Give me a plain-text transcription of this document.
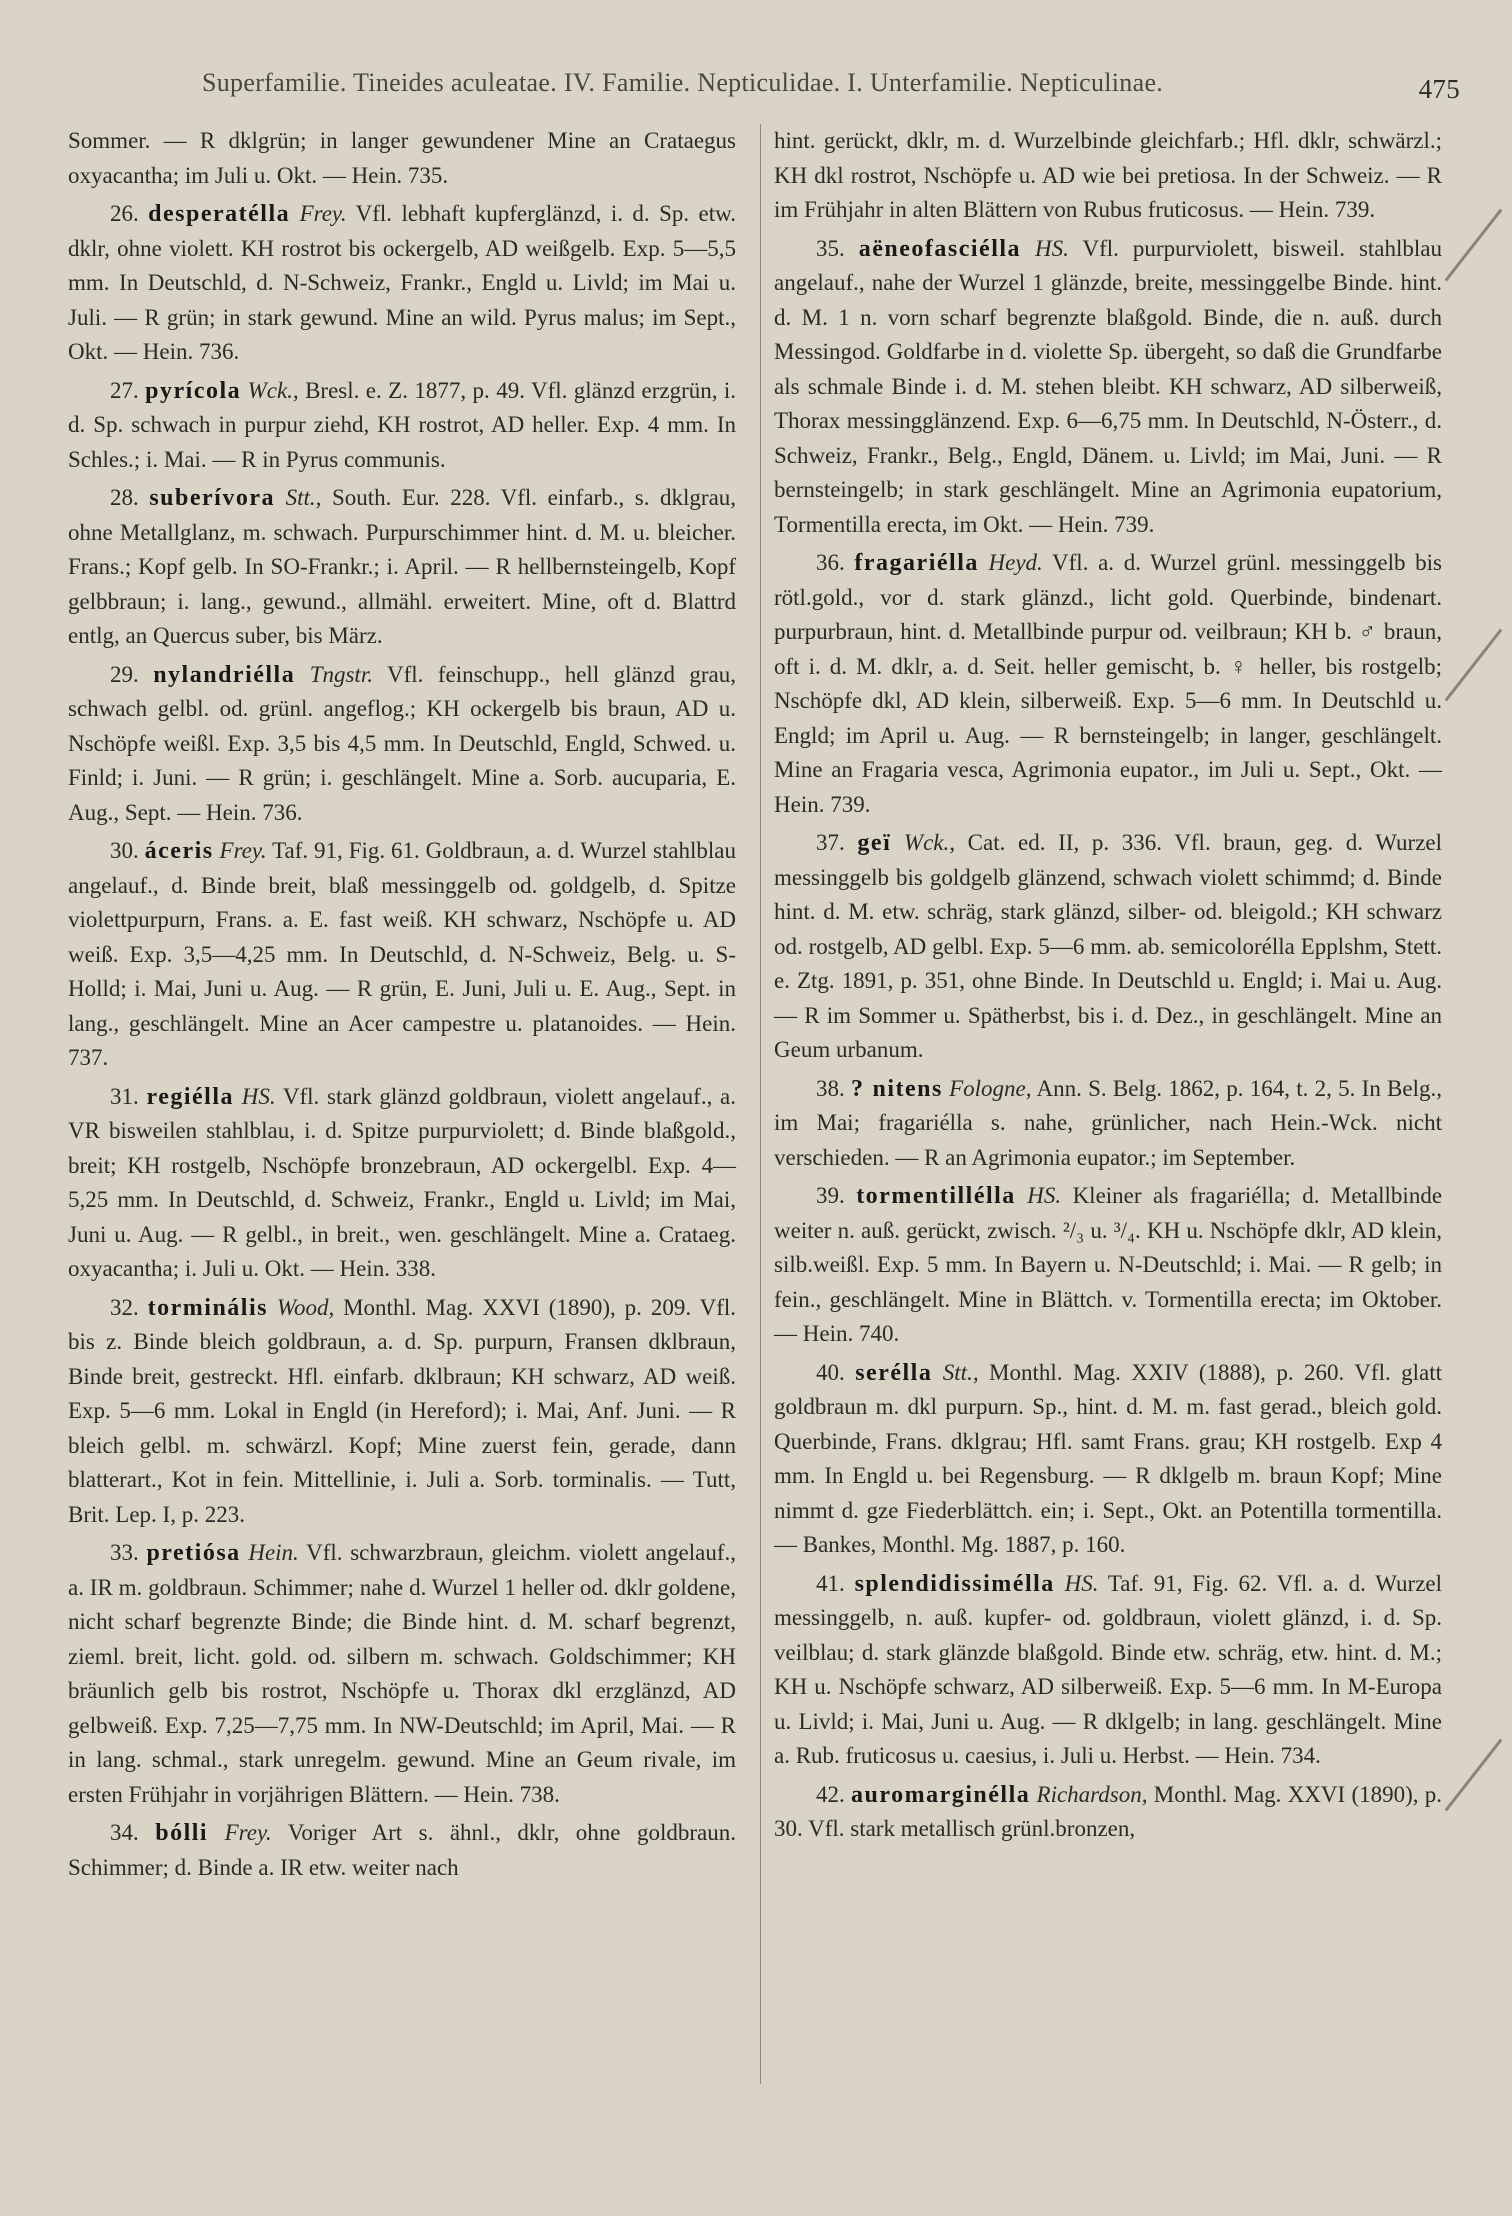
Superfamilie. Tineides aculeatae. IV. Familie. Nepticulidae. I. Unterfamilie. Nepticulinae.	475

Sommer. — R dklgrün; in langer gewundener Mine an Crataegus oxyacantha; im Juli u. Okt. — Hein. 735.

26. desperatélla Frey. Vfl. lebhaft kupferglänzd, i. d. Sp. etw. dklr, ohne violett. KH rostrot bis ockergelb, AD weißgelb. Exp. 5—5,5 mm. In Deutschld, d. N-Schweiz, Frankr., Engld u. Livld; im Mai u. Juli. — R grün; in stark gewund. Mine an wild. Pyrus malus; im Sept., Okt. — Hein. 736.

27. pyrícola Wck., Bresl. e. Z. 1877, p. 49. Vfl. glänzd erzgrün, i. d. Sp. schwach in purpur ziehd, KH rostrot, AD heller. Exp. 4 mm. In Schles.; i. Mai. — R in Pyrus communis.

28. suberívora Stt., South. Eur. 228. Vfl. einfarb., s. dklgrau, ohne Metallglanz, m. schwach. Purpurschimmer hint. d. M. u. bleicher. Frans.; Kopf gelb. In SO-Frankr.; i. April. — R hellbernsteingelb, Kopf gelbbraun; i. lang., gewund., allmähl. erweitert. Mine, oft d. Blattrd entlg, an Quercus suber, bis März.

29. nylandriélla Tngstr. Vfl. feinschupp., hell glänzd grau, schwach gelbl. od. grünl. angeflog.; KH ockergelb bis braun, AD u. Nschöpfe weißl. Exp. 3,5 bis 4,5 mm. In Deutschld, Engld, Schwed. u. Finld; i. Juni. — R grün; i. geschlängelt. Mine a. Sorb. aucuparia, E. Aug., Sept. — Hein. 736.

30. áceris Frey. Taf. 91, Fig. 61. Goldbraun, a. d. Wurzel stahlblau angelauf., d. Binde breit, blaß messinggelb od. goldgelb, d. Spitze violettpurpurn, Frans. a. E. fast weiß. KH schwarz, Nschöpfe u. AD weiß. Exp. 3,5—4,25 mm. In Deutschld, d. N-Schweiz, Belg. u. S-Holld; i. Mai, Juni u. Aug. — R grün, E. Juni, Juli u. E. Aug., Sept. in lang., geschlängelt. Mine an Acer campestre u. platanoides. — Hein. 737.

31. regiélla HS. Vfl. stark glänzd goldbraun, violett angelauf., a. VR bisweilen stahlblau, i. d. Spitze purpurviolett; d. Binde blaßgold., breit; KH rostgelb, Nschöpfe bronzebraun, AD ockergelbl. Exp. 4—5,25 mm. In Deutschld, d. Schweiz, Frankr., Engld u. Livld; im Mai, Juni u. Aug. — R gelbl., in breit., wen. geschlängelt. Mine a. Crataeg. oxyacantha; i. Juli u. Okt. — Hein. 338.

32. torminális Wood, Monthl. Mag. XXVI (1890), p. 209. Vfl. bis z. Binde bleich goldbraun, a. d. Sp. purpurn, Fransen dklbraun, Binde breit, gestreckt. Hfl. einfarb. dklbraun; KH schwarz, AD weiß. Exp. 5—6 mm. Lokal in Engld (in Hereford); i. Mai, Anf. Juni. — R bleich gelbl. m. schwärzl. Kopf; Mine zuerst fein, gerade, dann blatterart., Kot in fein. Mittellinie, i. Juli a. Sorb. torminalis. — Tutt, Brit. Lep. I, p. 223.

33. pretiósa Hein. Vfl. schwarzbraun, gleichm. violett angelauf., a. IR m. goldbraun. Schimmer; nahe d. Wurzel 1 heller od. dklr goldene, nicht scharf begrenzte Binde; die Binde hint. d. M. scharf begrenzt, zieml. breit, licht. gold. od. silbern m. schwach. Goldschimmer; KH bräunlich gelb bis rostrot, Nschöpfe u. Thorax dkl erzglänzd, AD gelbweiß. Exp. 7,25—7,75 mm. In NW-Deutschld; im April, Mai. — R in lang. schmal., stark unregelm. gewund. Mine an Geum rivale, im ersten Frühjahr in vorjährigen Blättern. — Hein. 738.

34. bólli Frey. Voriger Art s. ähnl., dklr, ohne goldbraun. Schimmer; d. Binde a. IR etw. weiter nach

hint. gerückt, dklr, m. d. Wurzelbinde gleichfarb.; Hfl. dklr, schwärzl.; KH dkl rostrot, Nschöpfe u. AD wie bei pretiosa. In der Schweiz. — R im Frühjahr in alten Blättern von Rubus fruticosus. — Hein. 739.

35. aëneofasciélla HS. Vfl. purpurviolett, bisweil. stahlblau angelauf., nahe der Wurzel 1 glänzde, breite, messinggelbe Binde. hint. d. M. 1 n. vorn scharf begrenzte blaßgold. Binde, die n. auß. durch Messingod. Goldfarbe in d. violette Sp. übergeht, so daß die Grundfarbe als schmale Binde i. d. M. stehen bleibt. KH schwarz, AD silberweiß, Thorax messingglänzend. Exp. 6—6,75 mm. In Deutschld, N-Österr., d. Schweiz, Frankr., Belg., Engld, Dänem. u. Livld; im Mai, Juni. — R bernsteingelb; in stark geschlängelt. Mine an Agrimonia eupatorium, Tormentilla erecta, im Okt. — Hein. 739.

36. fragariélla Heyd. Vfl. a. d. Wurzel grünl. messinggelb bis rötl.gold., vor d. stark glänzd., licht gold. Querbinde, bindenart. purpurbraun, hint. d. Metallbinde purpur od. veilbraun; KH b. ♂ braun, oft i. d. M. dklr, a. d. Seit. heller gemischt, b. ♀ heller, bis rostgelb; Nschöpfe dkl, AD klein, silberweiß. Exp. 5—6 mm. In Deutschld u. Engld; im April u. Aug. — R bernsteingelb; in langer, geschlängelt. Mine an Fragaria vesca, Agrimonia eupator., im Juli u. Sept., Okt. — Hein. 739.

37. geï Wck., Cat. ed. II, p. 336. Vfl. braun, geg. d. Wurzel messinggelb bis goldgelb glänzend, schwach violett schimmd; d. Binde hint. d. M. etw. schräg, stark glänzd, silber- od. bleigold.; KH schwarz od. rostgelb, AD gelbl. Exp. 5—6 mm. ab. semicolorélla Epplshm, Stett. e. Ztg. 1891, p. 351, ohne Binde. In Deutschld u. Engld; i. Mai u. Aug. — R im Sommer u. Spätherbst, bis i. d. Dez., in geschlängelt. Mine an Geum urbanum.

38. ? nitens Fologne, Ann. S. Belg. 1862, p. 164, t. 2, 5. In Belg., im Mai; fragariélla s. nahe, grünlicher, nach Hein.-Wck. nicht verschieden. — R an Agrimonia eupator.; im September.

39. tormentillélla HS. Kleiner als fragariélla; d. Metallbinde weiter n. auß. gerückt, zwisch. ²/₃ u. ³/₄. KH u. Nschöpfe dklr, AD klein, silb.weißl. Exp. 5 mm. In Bayern u. N-Deutschld; i. Mai. — R gelb; in fein., geschlängelt. Mine in Blättch. v. Tormentilla erecta; im Oktober. — Hein. 740.

40. serélla Stt., Monthl. Mag. XXIV (1888), p. 260. Vfl. glatt goldbraun m. dkl purpurn. Sp., hint. d. M. m. fast gerad., bleich gold. Querbinde, Frans. dklgrau; Hfl. samt Frans. grau; KH rostgelb. Exp 4 mm. In Engld u. bei Regensburg. — R dklgelb m. braun Kopf; Mine nimmt d. gze Fiederblättch. ein; i. Sept., Okt. an Potentilla tormentilla. — Bankes, Monthl. Mg. 1887, p. 160.

41. splendidissimélla HS. Taf. 91, Fig. 62. Vfl. a. d. Wurzel messinggelb, n. auß. kupfer- od. goldbraun, violett glänzd, i. d. Sp. veilblau; d. stark glänzde blaßgold. Binde etw. schräg, etw. hint. d. M.; KH u. Nschöpfe schwarz, AD silberweiß. Exp. 5—6 mm. In M-Europa u. Livld; i. Mai, Juni u. Aug. — R dklgelb; in lang. geschlängelt. Mine a. Rub. fruticosus u. caesius, i. Juli u. Herbst. — Hein. 734.

42. auromarginélla Richardson, Monthl. Mag. XXVI (1890), p. 30. Vfl. stark metallisch grünl.bronzen,
